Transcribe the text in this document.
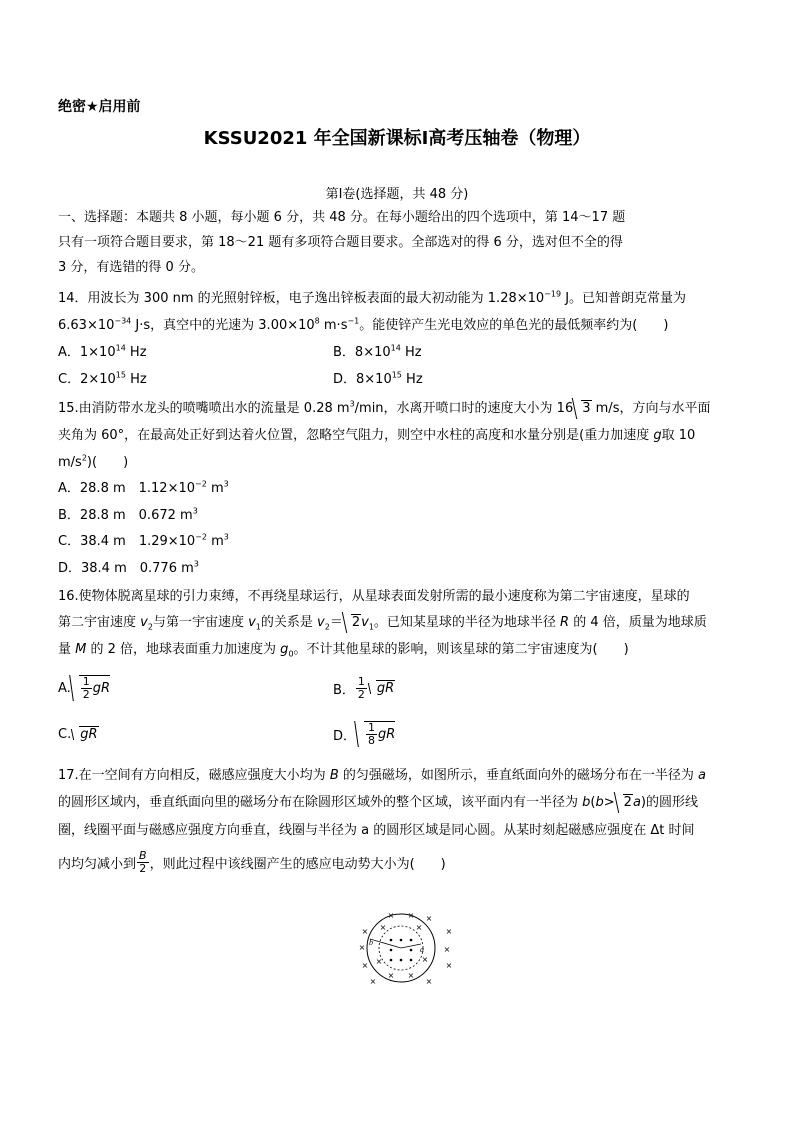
绝密★启用前
KSSU2021 年全国新课标Ⅰ高考压轴卷（物理）
第Ⅰ卷(选择题，共 48 分)
一、选择题：本题共 8 小题，每小题 6 分，共 48 分。在每小题给出的四个选项中，第 14～17 题
只有一项符合题目要求，第 18～21 题有多项符合题目要求。全部选对的得 6 分，选对但不全的得
3 分，有选错的得 0 分。
14．用波长为 300 nm 的光照射锌板，电子逸出锌板表面的最大初动能为 $1.28\times 10^{-19}$ J。已知普朗克常量为
$6.63\times 10^{-34}$ J·s，真空中的光速为 $3.00\times 10^8$ $m\cdot s^{-1}$。能使锌产生光电效应的单色光的最低频率约为(　　)
A．$1\times 10^{14}$ Hz	B．$8\times 10^{14}$ Hz
C．$2\times 10^{15}$ Hz	D．$8\times 10^{15}$ Hz
15.由消防带水龙头的喷嘴喷出水的流量是 0.28 $m^3/\min$，水离开喷口时的速度大小为 16 3 m/s，方向与水平面
夹角为 60°，在最高处正好到达着火位置，忽略空气阻力，则空中水柱的高度和水量分别是(重力加速度 g取 10
$m/s^2$)(　　)
A．28.8 m　$1.12\times 10^{-2}$ $m^3$
B．28.8 m　0.672 $m^3$
C．38.4 m　$1.29\times 10^{-2}$ $m^3$
D．38.4 m　0.776 $m^3$
16.使物体脱离星球的引力束缚，不再绕星球运行，从星球表面发射所需的最小速度称为第二宇宙速度，星球的
第二宇宙速度 $v_2$与第一宇宙速度 $v_1$的关系是 $v_2= 2v_1$。已知某星球的半径为地球半径 R 的 4 倍，质量为地球质
量 M 的 2 倍，地球表面重力加速度为 $g_0$。不计其他星球的影响，则该星球的第二宇宙速度为(　　)
A. $\frac{1}{2}$ gR	B． $\frac{1}{2}$ gR
C. gR	D． $\frac{1}{8}$ gR
17.在一空间有方向相反，磁感应强度大小均为 B 的匀强磁场，如图所示，垂直纸面向外的磁场分布在一半径为 a
的圆形区域内，垂直纸面向里的磁场分布在除圆形区域外的整个区域，该平面内有一半径为 b(b> 2a)的圆形线
圈，线圈平面与磁感应强度方向垂直，线圈与半径为 a 的圆形区域是同心圆。从某时刻起磁感应强度在 Δt 时间
内均匀减小到 $\frac{B}{2}$ ，则此过程中该线圈产生的感应电动势大小为(　　)
b
a
× × ×
×	×
×	×
×	×
×	×
×	×
× ×
×	×
